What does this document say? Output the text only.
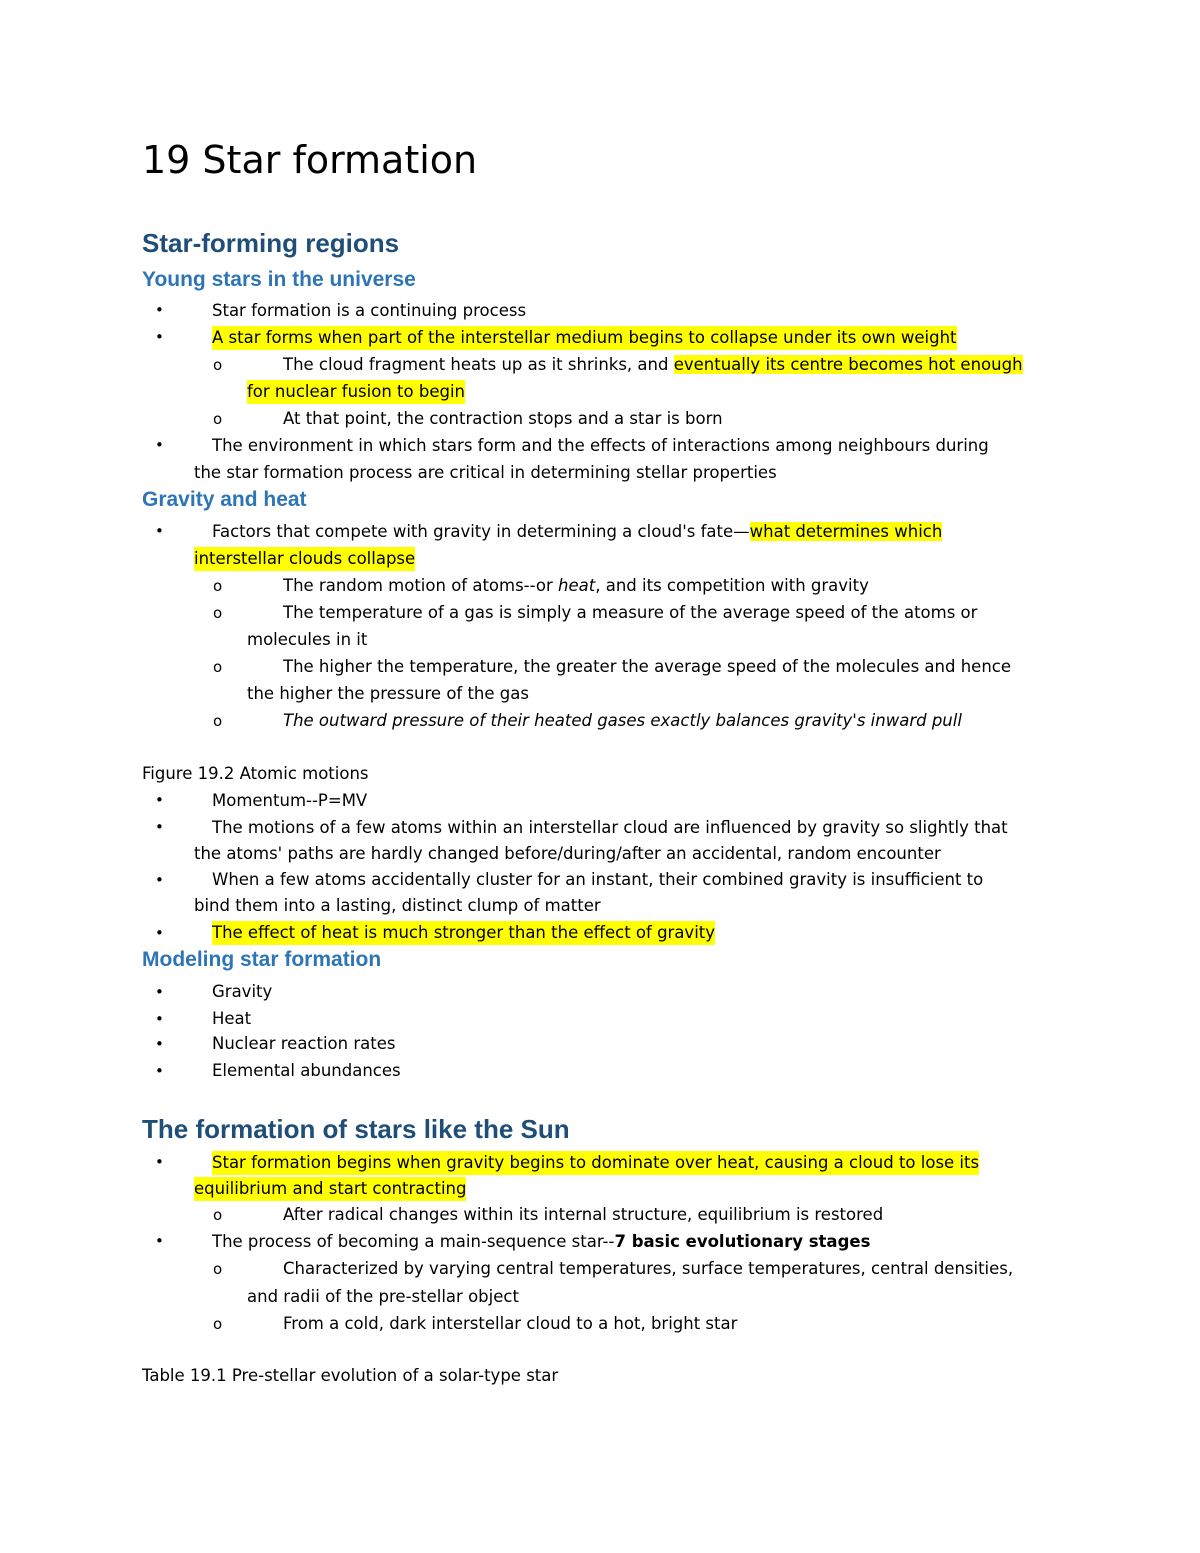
19 Star formation
Star-forming regions
Young stars in the universe
•	Star formation is a continuing process
•	A star forms when part of the interstellar medium begins to collapse under its own weight
o	The cloud fragment heats up as it shrinks, and eventually its centre becomes hot enough
for nuclear fusion to begin
o	At that point, the contraction stops and a star is born
•	The environment in which stars form and the effects of interactions among neighbours during
the star formation process are critical in determining stellar properties
Gravity and heat
•	Factors that compete with gravity in determining a cloud's fate—what determines which
interstellar clouds collapse
o	The random motion of atoms--or heat, and its competition with gravity
o	The temperature of a gas is simply a measure of the average speed of the atoms or
molecules in it
o	The higher the temperature, the greater the average speed of the molecules and hence
the higher the pressure of the gas
o	The outward pressure of their heated gases exactly balances gravity's inward pull
Figure 19.2 Atomic motions
•	Momentum--P=MV
•	The motions of a few atoms within an interstellar cloud are influenced by gravity so slightly that
the atoms' paths are hardly changed before/during/after an accidental, random encounter
•	When a few atoms accidentally cluster for an instant, their combined gravity is insufficient to
bind them into a lasting, distinct clump of matter
•	The effect of heat is much stronger than the effect of gravity
Modeling star formation
•	Gravity
•	Heat
•	Nuclear reaction rates
•	Elemental abundances
The formation of stars like the Sun
•	Star formation begins when gravity begins to dominate over heat, causing a cloud to lose its
equilibrium and start contracting
o	After radical changes within its internal structure, equilibrium is restored
•	The process of becoming a main-sequence star--7 basic evolutionary stages
o	Characterized by varying central temperatures, surface temperatures, central densities,
and radii of the pre-stellar object
o	From a cold, dark interstellar cloud to a hot, bright star
Table 19.1 Pre-stellar evolution of a solar-type star
